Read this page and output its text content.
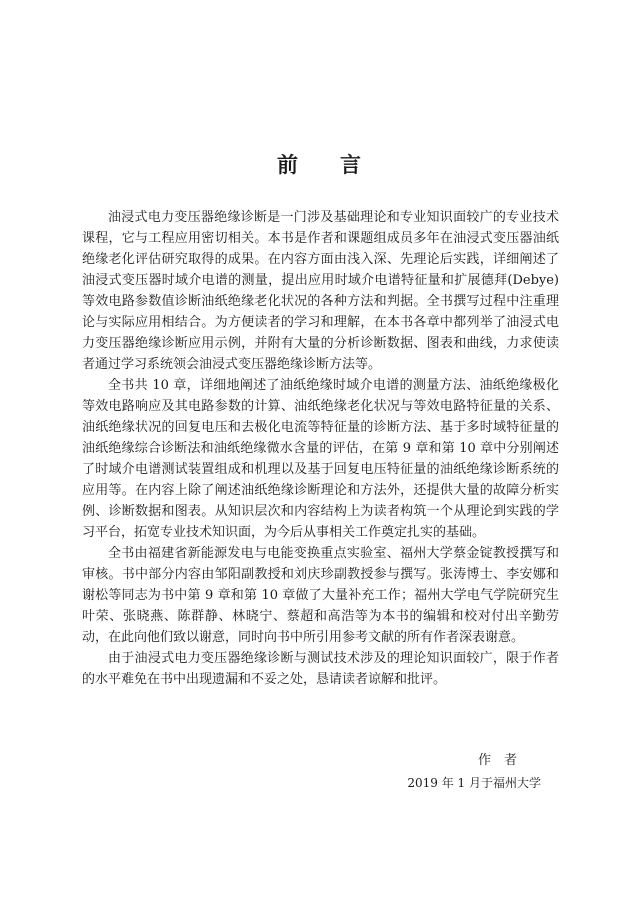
前　　言

油浸式电力变压器绝缘诊断是一门涉及基础理论和专业知识面较广的专业技术课程，它与工程应用密切相关。本书是作者和课题组成员多年在油浸式变压器油纸绝缘老化评估研究取得的成果。在内容方面由浅入深、先理论后实践，详细阐述了油浸式变压器时域介电谱的测量，提出应用时域介电谱特征量和扩展德拜(Debye)等效电路参数值诊断油纸绝缘老化状况的各种方法和判据。全书撰写过程中注重理论与实际应用相结合。为方便读者的学习和理解，在本书各章中都列举了油浸式电力变压器绝缘诊断应用示例，并附有大量的分析诊断数据、图表和曲线，力求使读者通过学习系统领会油浸式变压器绝缘诊断方法等。

全书共 10 章，详细地阐述了油纸绝缘时域介电谱的测量方法、油纸绝缘极化等效电路响应及其电路参数的计算、油纸绝缘老化状况与等效电路特征量的关系、油纸绝缘状况的回复电压和去极化电流等特征量的诊断方法、基于多时域特征量的油纸绝缘综合诊断法和油纸绝缘微水含量的评估，在第 9 章和第 10 章中分别阐述了时域介电谱测试装置组成和机理以及基于回复电压特征量的油纸绝缘诊断系统的应用等。在内容上除了阐述油纸绝缘诊断理论和方法外，还提供大量的故障分析实例、诊断数据和图表。从知识层次和内容结构上为读者构筑一个从理论到实践的学习平台，拓宽专业技术知识面，为今后从事相关工作奠定扎实的基础。

全书由福建省新能源发电与电能变换重点实验室、福州大学蔡金锭教授撰写和审核。书中部分内容由邹阳副教授和刘庆珍副教授参与撰写。张涛博士、李安娜和谢松等同志为书中第 9 章和第 10 章做了大量补充工作；福州大学电气学院研究生叶荣、张晓燕、陈群静、林晓宁、蔡超和高浩等为本书的编辑和校对付出辛勤劳动，在此向他们致以谢意，同时向书中所引用参考文献的所有作者深表谢意。

由于油浸式电力变压器绝缘诊断与测试技术涉及的理论知识面较广，限于作者的水平难免在书中出现遗漏和不妥之处，恳请读者谅解和批评。

作　者
2019 年 1 月于福州大学
